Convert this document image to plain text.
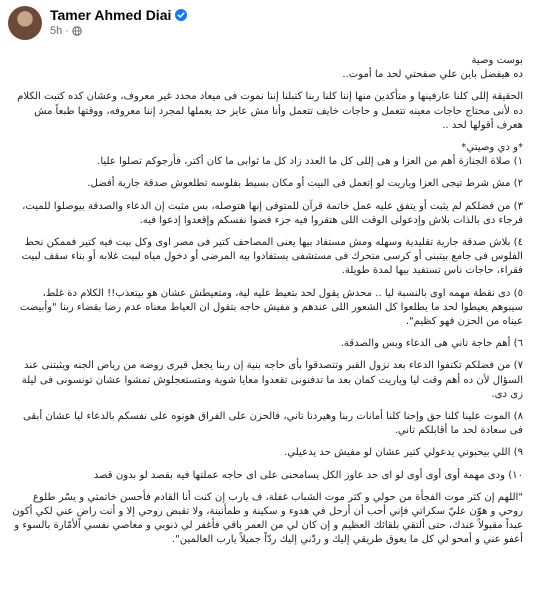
Tamer Ahmed Diai
5h ·

بوست وصية
ده هيفضل باين علي صفحتي لحد ما أموت..

الحقيقة إللى كلنا عارفينها و متأكدين منها إننا كلنا ربنا كتبلنا إننا نموت فى ميعاد محدد غير معروف، وعشان كده كتبت الكلام ده لأنى محتاج حاجات معينه تتعمل و حاجات خايف تتعمل وأنا مش عايز حد يعملها لمجرد إننا معروفه، ووقتها طبعاً مش هعرف أقولها لحد ..

*و دي وصيتي*
١) صلاة الجنازة أهم من العزا و هى إللى كل ما العدد زاد كل ما ثوابى ما كان أكتر، فأرجوكم تصلوا عليا.

٢) مش شرط تيجى العزا وياريت لو إتعمل فى البيت أو مكان بسيط بفلوسه تطلعوش صدقة جارية أفضل.

٣) من فضلكم لم يثبت أو يتفق عليه عمل خاتمة قرآن للمتوفى إنها هتوصله، بس مثبت إن الدعاء والصدقة بيوصلوا للميت، فرجاء دى بالذات بلاش وإدعولى الوقت اللى هتقروا فيه جزء فضوا نفسكم وإقعدوا إدعوا فيه.

٤) بلاش صدقة جارية تقليدية وسهله ومش مستفاد بيها يعنى المصاحف كتير فى مصر اوى وكل بيت فيه كتير فممكن نحط الفلوس فى جامع بيتبنى أو كرسى متحرك فى مستشفى يستفادوا بيه المرضى أو دخول مياه لبيت غلابه أو بناء سقف لبيت فقراء، حاجات ناس تستفيد بيها لمدة طويلة.

٥) دى نقطة مهمه اوى بالنسبة ليا .. محدش يقول لحد بتعيط عليه لية، ومتعيطش عشان هو بيتعذب!! الكلام دة غلط، سيبوهم يعيطوا لحد ما يطلعوا كل الشعور اللى عندهم و مفيش حاجه بتقول ان العياط معناه عدم رضا بقضاء ربنا "وأبيضت عيناه من الحزن فهو كظيم".

٦) أهم حاجة تاني هى الدعاء وبس والصدقة.

٧) من فضلكم تكتفوا الدعاء بعد نزول القبر وتتصدقوا بأى حاجه بنية إن ربنا يجعل قبرى روضه من رياض الجنه ويثبتنى عند السؤال لأن ده أهم وقت ليا وياريت كمان بعد ما تدفنونى تقعدوا معايا شوية ومتستعجلوش تمشوا عشان تونسونى فى ليلة زى دى.

٨) الموت علينا كلنا حق وإحنا كلنا أمانات ربنا وهيردنا تاني، فالحزن على الفراق هونوه على نفسكم بالدعاء ليا عشان أبقى فى سعادة لحد ما أقابلكم تاني.

٩) اللي بيحبوني يدعولي كتير عشان لو مفيش حد يدعيلي.

١٠) ودى مهمة أوى أوى أوى لو اى حد عاوز الكل يسامحنى على اى حاجه عملتها فيه بقصد لو بدون قصد

"اللهم إن كثر موت الفجأة من حولي و كثر موت الشباب غفلة، ف يارب إن كنت أنا القادم فأحسن خاتمتي و يسّر طلوع روحي و هوّن عليّ سكراتي فإني أحب أن أرحل في هدوء و سكينة و طمأنينة، ولا تقبض روحي إلا و أنت راضٍ عني لكي أكون عبداً مقبولاً عندك، حتى ألتقي بلقائك العظيم و إن كان لي من العمر باقي فأغفر لي ذنوبي و معاصي نفسي الأمّارة بالسوء و أعفو عني و أمحو لي كل ما يعوق طريقي إليك و ردّني إليك ردّاً جميلاً يارب العالمين".
